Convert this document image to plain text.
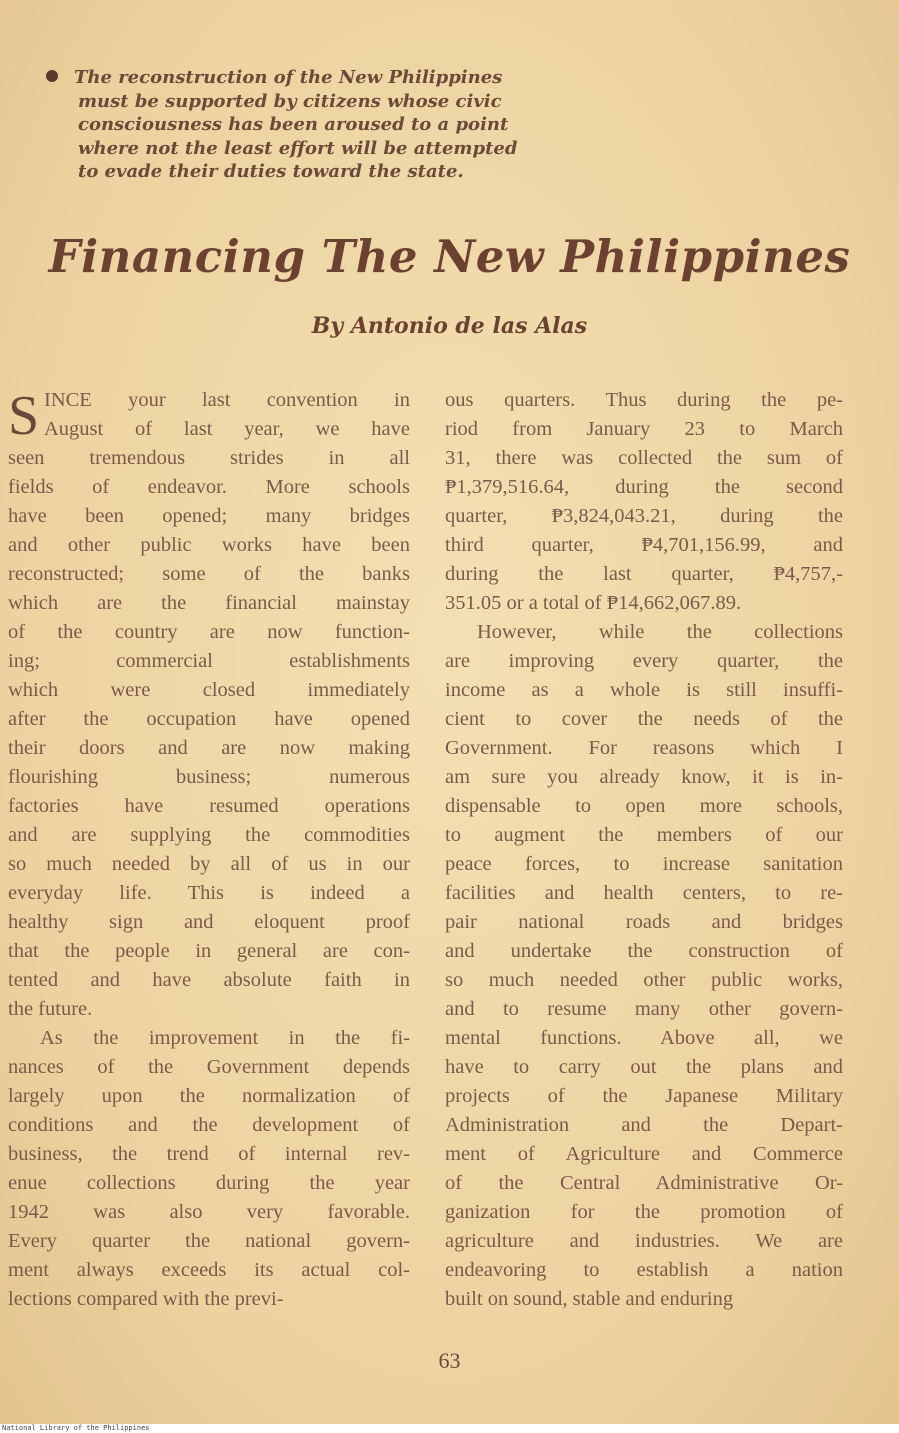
The reconstruction of the New Philippines
must be supported by citizens whose civic
consciousness has been aroused to a point
where not the least effort will be attempted
to evade their duties toward the state.
Financing The New Philippines
By Antonio de las Alas
INCE your last convention in
August of last year, we have
seen tremendous strides in all
fields of endeavor. More schools
have been opened; many bridges
and other public works have been
reconstructed; some of the banks
which are the financial mainstay
of the country are now function-
ing; commercial establishments
which were closed immediately
after the occupation have opened
their doors and are now making
flourishing business; numerous
factories have resumed operations
and are supplying the commodities
so much needed by all of us in our
everyday life. This is indeed a
healthy sign and eloquent proof
that the people in general are con-
tented and have absolute faith in
the future.
As the improvement in the fi-
nances of the Government depends
largely upon the normalization of
conditions and the development of
business, the trend of internal rev-
enue collections during the year
1942 was also very favorable.
Every quarter the national govern-
ment always exceeds its actual col-
lections compared with the previ-
S	ous quarters. Thus during the pe-
riod from January 23 to March
31, there was collected the sum of
₱1,379,516.64, during the second
quarter, ₱3,824,043.21, during the
third quarter, ₱4,701,156.99, and
during the last quarter, ₱4,757,-
351.05 or a total of ₱14,662,067.89.
However, while the collections
are improving every quarter, the
income as a whole is still insuffi-
cient to cover the needs of the
Government. For reasons which I
am sure you already know, it is in-
dispensable to open more schools,
to augment the members of our
peace forces, to increase sanitation
facilities and health centers, to re-
pair national roads and bridges
and undertake the construction of
so much needed other public works,
and to resume many other govern-
mental functions. Above all, we
have to carry out the plans and
projects of the Japanese Military
Administration and the Depart-
ment of Agriculture and Commerce
of the Central Administrative Or-
ganization for the promotion of
agriculture and industries. We are
endeavoring to establish a nation
built on sound, stable and enduring
63
National Library of the Philippines
